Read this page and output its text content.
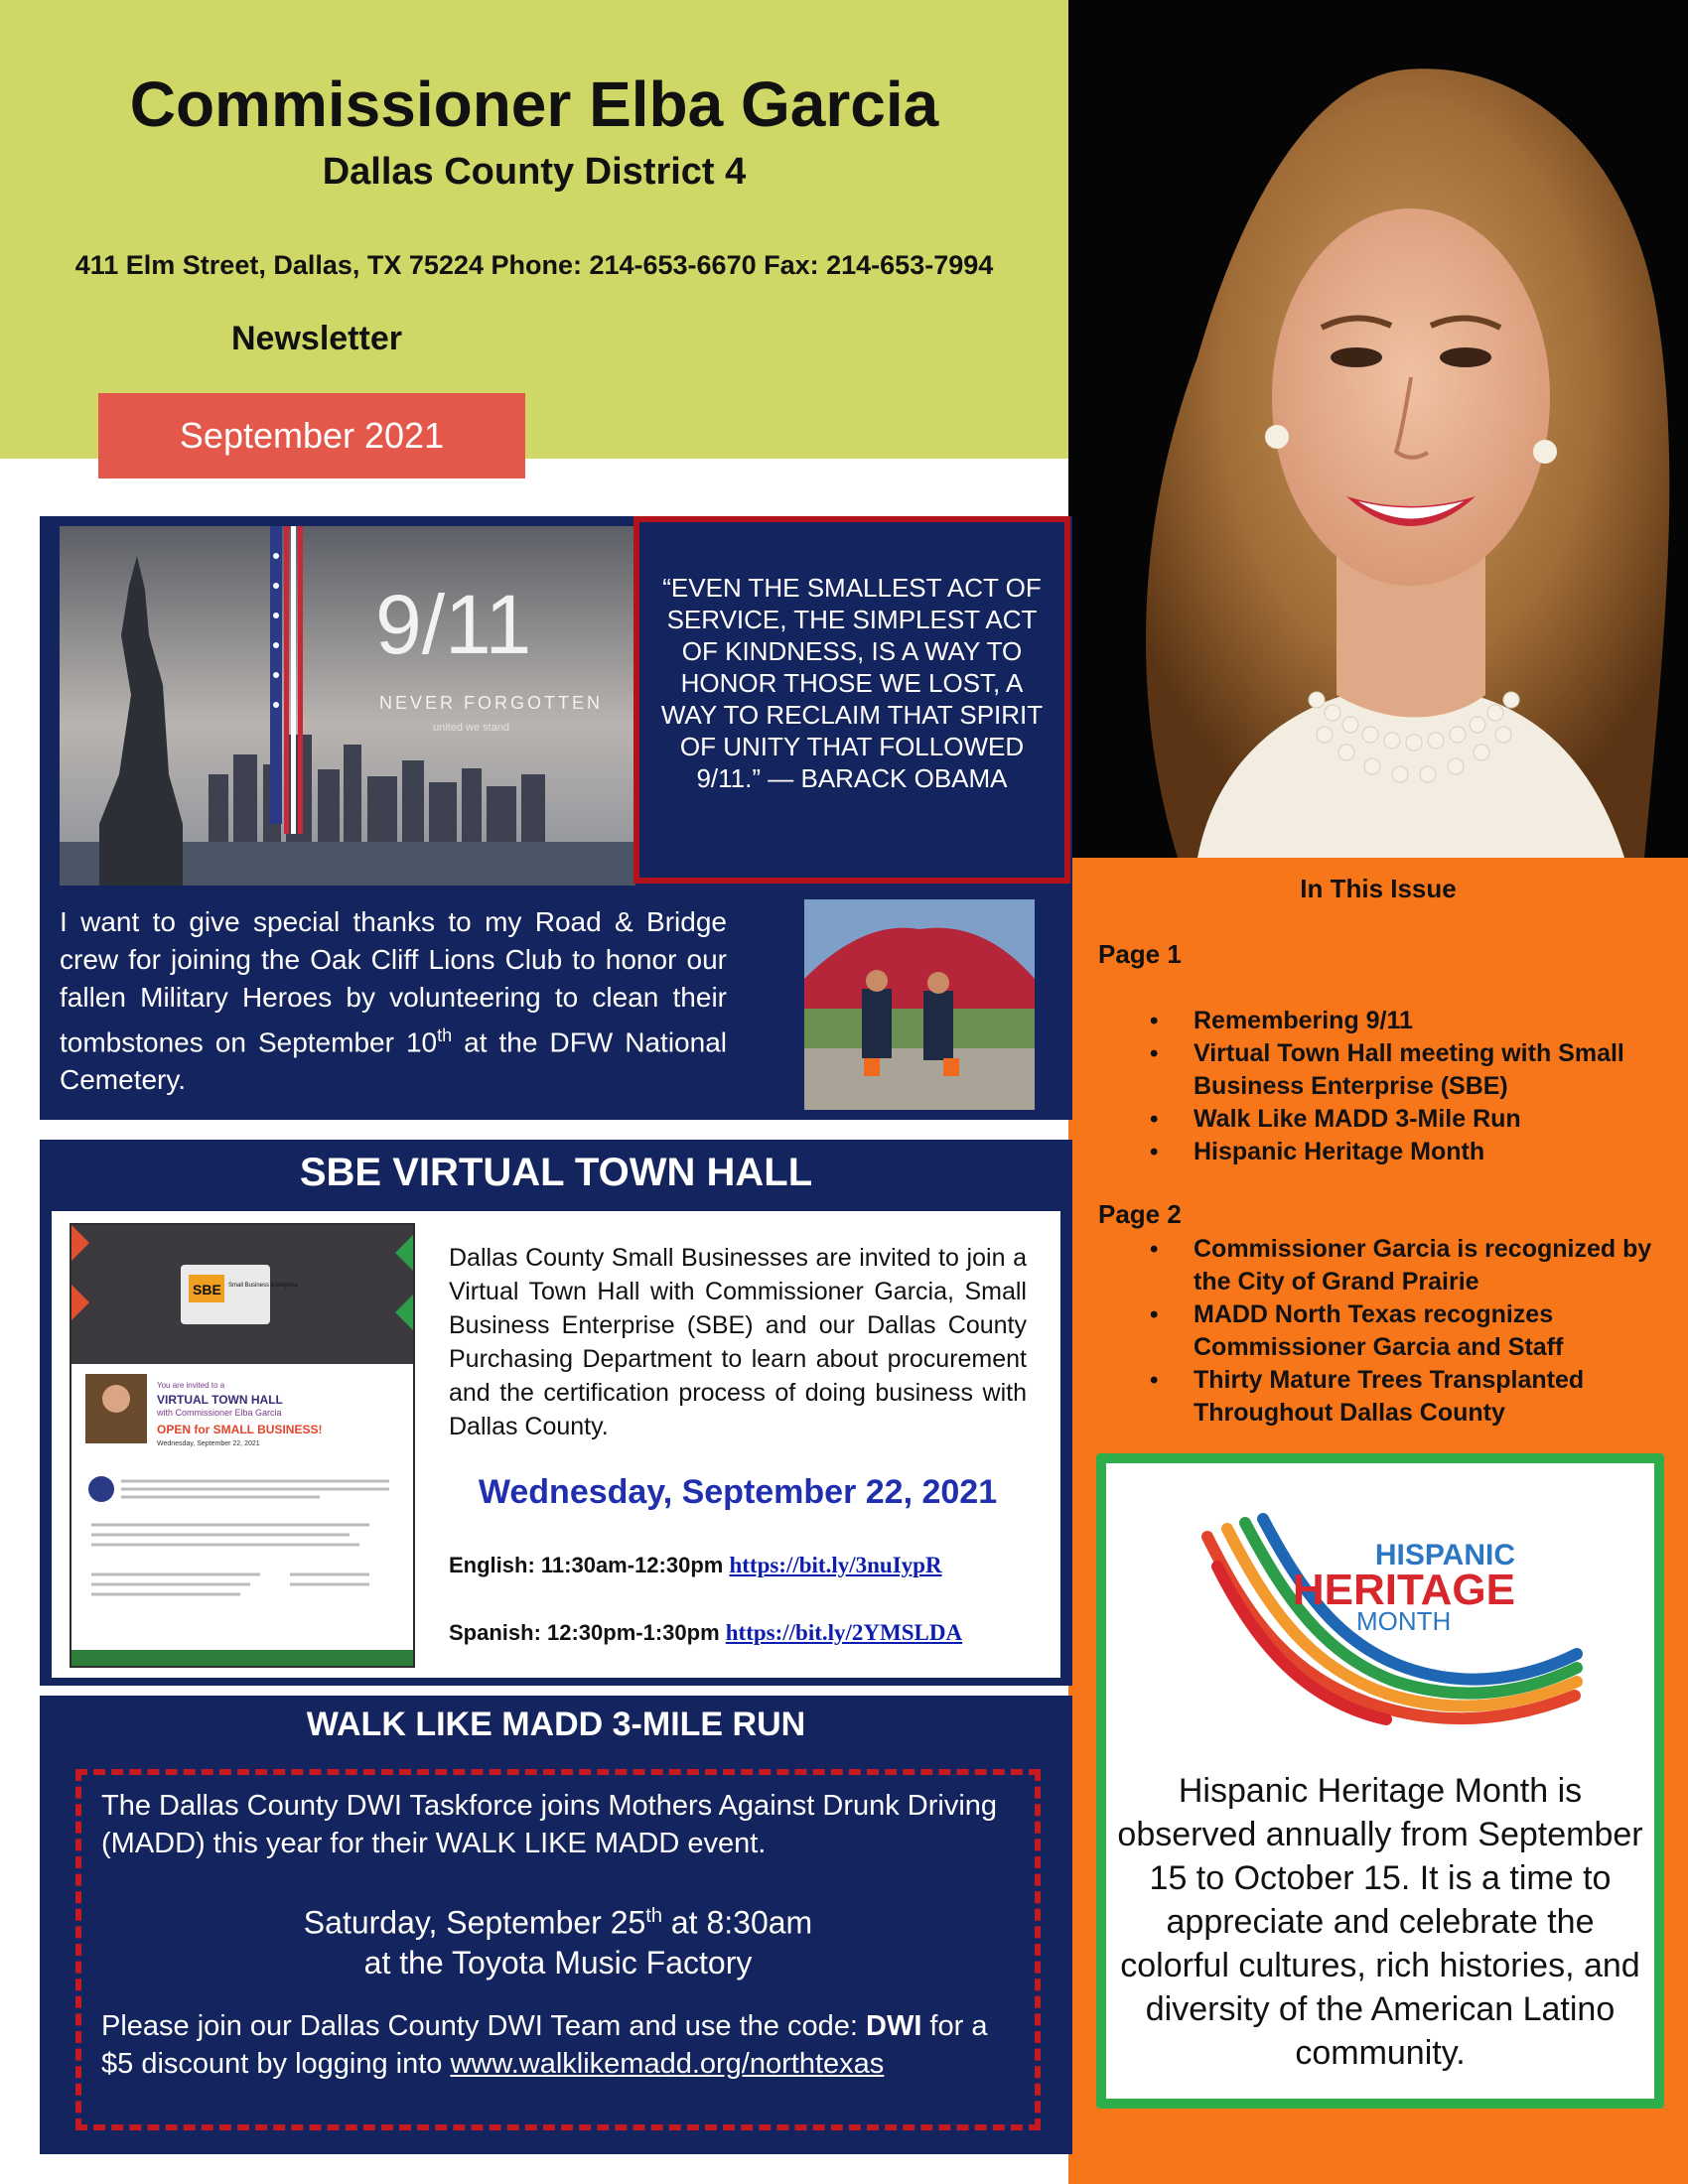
Commissioner Elba Garcia
Dallas County District 4
411 Elm Street, Dallas, TX 75224 Phone: 214-653-6670 Fax: 214-653-7994
Newsletter
September 2021
In This Issue
Page 1
• Remembering 9/11
• Virtual Town Hall meeting with Small Business Enterprise (SBE)
• Walk Like MADD 3-Mile Run
• Hispanic Heritage Month
Page 2
• Commissioner Garcia is recognized by the City of Grand Prairie
• MADD North Texas recognizes Commissioner Garcia and Staff
• Thirty Mature Trees Transplanted Throughout Dallas County
HISPANIC
HERITAGE
MONTH
Hispanic Heritage Month is observed annually from September 15 to October 15. It is a time to appreciate and celebrate the colorful cultures, rich histories, and diversity of the American Latino community.
9/11
NEVER FORGOTTEN
united we stand
“EVEN THE SMALLEST ACT OF SERVICE, THE SIMPLEST ACT OF KINDNESS, IS A WAY TO HONOR THOSE WE LOST, A WAY TO RECLAIM THAT SPIRIT OF UNITY THAT FOLLOWED 9/11.” — BARACK OBAMA
I want to give special thanks to my Road & Bridge crew for joining the Oak Cliff Lions Club to honor our fallen Military Heroes by volunteering to clean their tombstones on September 10th at the DFW National Cemetery.
SBE VIRTUAL TOWN HALL
SBE Small Business Enterprise
You are invited to a
VIRTUAL TOWN HALL
with Commissioner Elba Garcia
OPEN for SMALL BUSINESS!
Wednesday, September 22, 2021
Dallas County Small Businesses are invited to join a Virtual Town Hall with Commissioner Garcia, Small Business Enterprise (SBE) and our Dallas County Purchasing Department to learn about procurement and the certification process of doing business with Dallas County.
Wednesday, September 22, 2021
English: 11:30am-12:30pm https://bit.ly/3nuIypR
Spanish: 12:30pm-1:30pm https://bit.ly/2YMSLDA
WALK LIKE MADD 3-MILE RUN
The Dallas County DWI Taskforce joins Mothers Against Drunk Driving (MADD) this year for their WALK LIKE MADD event.
Saturday, September 25th at 8:30am
at the Toyota Music Factory
Please join our Dallas County DWI Team and use the code: DWI for a $5 discount by logging into www.walklikemadd.org/northtexas
